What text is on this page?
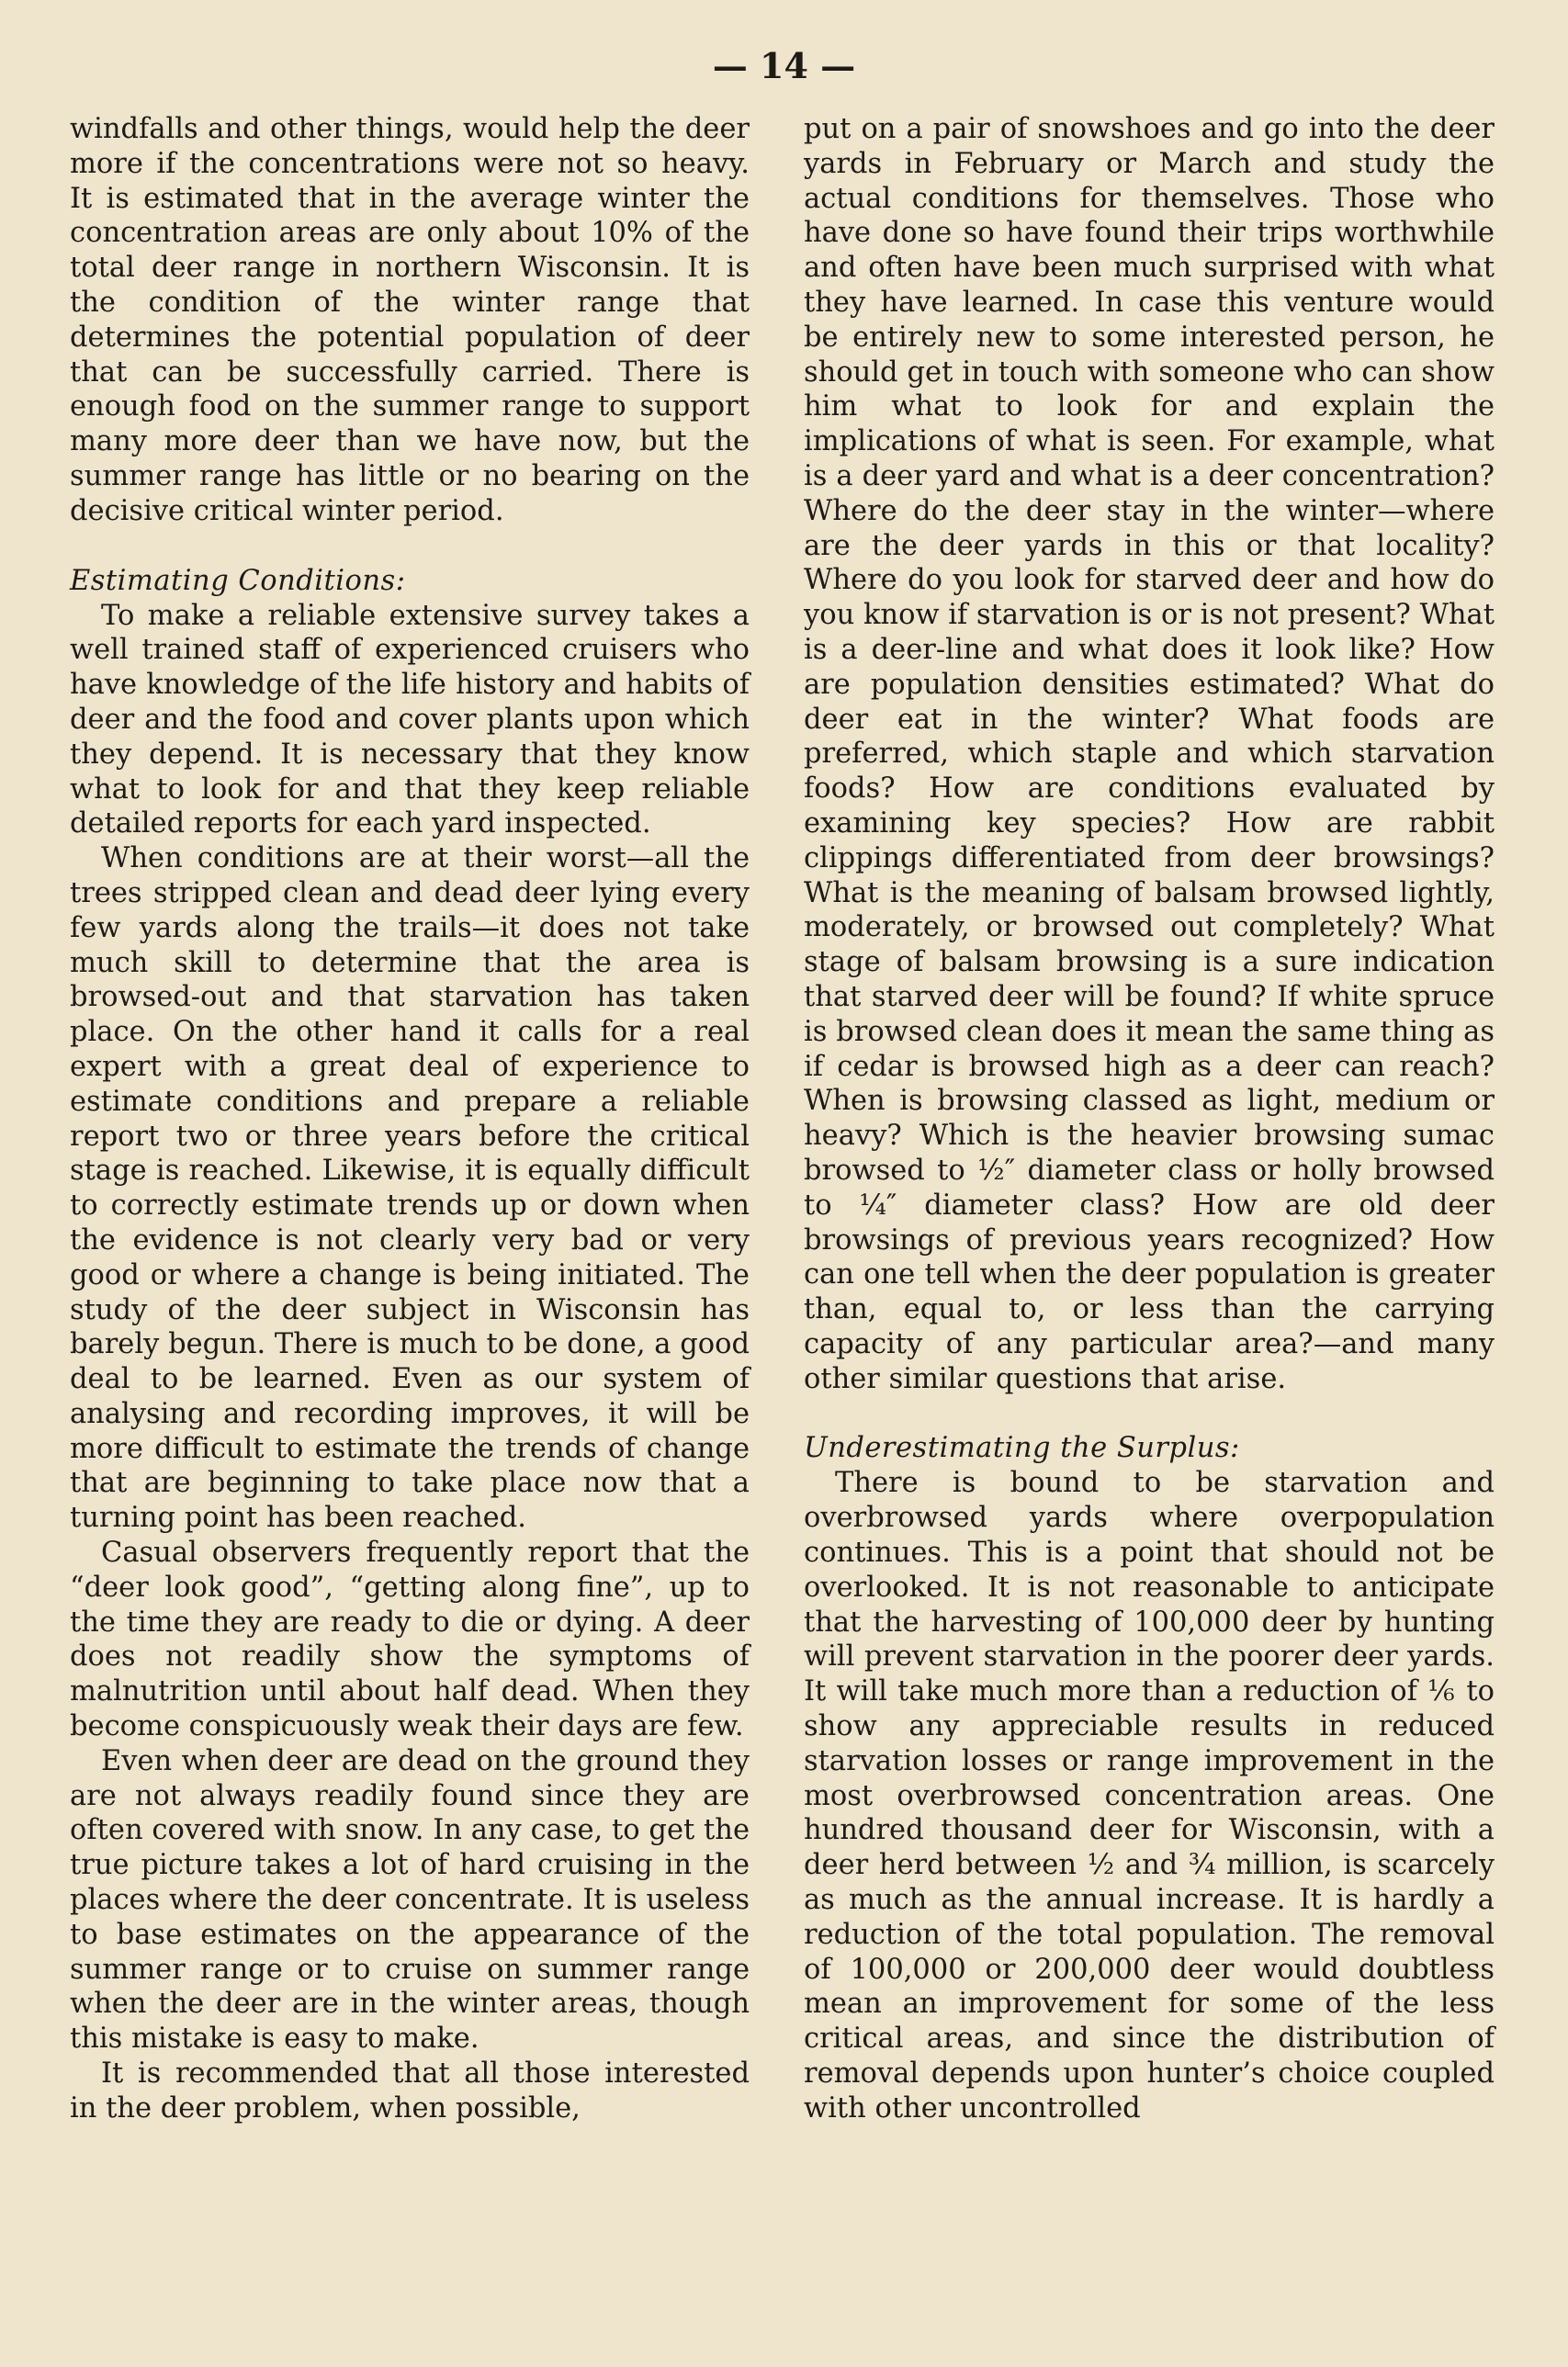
— 14 —

windfalls and other things, would help the deer more if the concentrations were not so heavy. It is estimated that in the average winter the concentration areas are only about 10% of the total deer range in northern Wisconsin. It is the condition of the winter range that determines the potential population of deer that can be successfully carried. There is enough food on the summer range to support many more deer than we have now, but the summer range has little or no bearing on the decisive critical winter period.

Estimating Conditions:

To make a reliable extensive survey takes a well trained staff of experienced cruisers who have knowledge of the life history and habits of deer and the food and cover plants upon which they depend. It is necessary that they know what to look for and that they keep reliable detailed reports for each yard inspected.

When conditions are at their worst—all the trees stripped clean and dead deer lying every few yards along the trails—it does not take much skill to determine that the area is browsed-out and that starvation has taken place. On the other hand it calls for a real expert with a great deal of experience to estimate conditions and prepare a reliable report two or three years before the critical stage is reached. Likewise, it is equally difficult to correctly estimate trends up or down when the evidence is not clearly very bad or very good or where a change is being initiated. The study of the deer subject in Wisconsin has barely begun. There is much to be done, a good deal to be learned. Even as our system of analysing and recording improves, it will be more difficult to estimate the trends of change that are beginning to take place now that a turning point has been reached.

Casual observers frequently report that the “deer look good”, “getting along fine”, up to the time they are ready to die or dying. A deer does not readily show the symptoms of malnutrition until about half dead. When they become conspicuously weak their days are few.

Even when deer are dead on the ground they are not always readily found since they are often covered with snow. In any case, to get the true picture takes a lot of hard cruising in the places where the deer concentrate. It is useless to base estimates on the appearance of the summer range or to cruise on summer range when the deer are in the winter areas, though this mistake is easy to make.

It is recommended that all those interested in the deer problem, when possible,

put on a pair of snowshoes and go into the deer yards in February or March and study the actual conditions for themselves. Those who have done so have found their trips worthwhile and often have been much surprised with what they have learned. In case this venture would be entirely new to some interested person, he should get in touch with someone who can show him what to look for and explain the implications of what is seen. For example, what is a deer yard and what is a deer concentration? Where do the deer stay in the winter—where are the deer yards in this or that locality? Where do you look for starved deer and how do you know if starvation is or is not present? What is a deer-line and what does it look like? How are population densities estimated? What do deer eat in the winter? What foods are preferred, which staple and which starvation foods? How are conditions evaluated by examining key species? How are rabbit clippings differentiated from deer browsings? What is the meaning of balsam browsed lightly, moderately, or browsed out completely? What stage of balsam browsing is a sure indication that starved deer will be found? If white spruce is browsed clean does it mean the same thing as if cedar is browsed high as a deer can reach? When is browsing classed as light, medium or heavy? Which is the heavier browsing sumac browsed to ½″ diameter class or holly browsed to ¼″ diameter class? How are old deer browsings of previous years recognized? How can one tell when the deer population is greater than, equal to, or less than the carrying capacity of any particular area?—and many other similar questions that arise.

Underestimating the Surplus:

There is bound to be starvation and overbrowsed yards where overpopulation continues. This is a point that should not be overlooked. It is not reasonable to anticipate that the harvesting of 100,000 deer by hunting will prevent starvation in the poorer deer yards. It will take much more than a reduction of ⅙ to show any appreciable results in reduced starvation losses or range improvement in the most overbrowsed concentration areas. One hundred thousand deer for Wisconsin, with a deer herd between ½ and ¾ million, is scarcely as much as the annual increase. It is hardly a reduction of the total population. The removal of 100,000 or 200,000 deer would doubtless mean an improvement for some of the less critical areas, and since the distribution of removal depends upon hunter’s choice coupled with other uncontrolled
